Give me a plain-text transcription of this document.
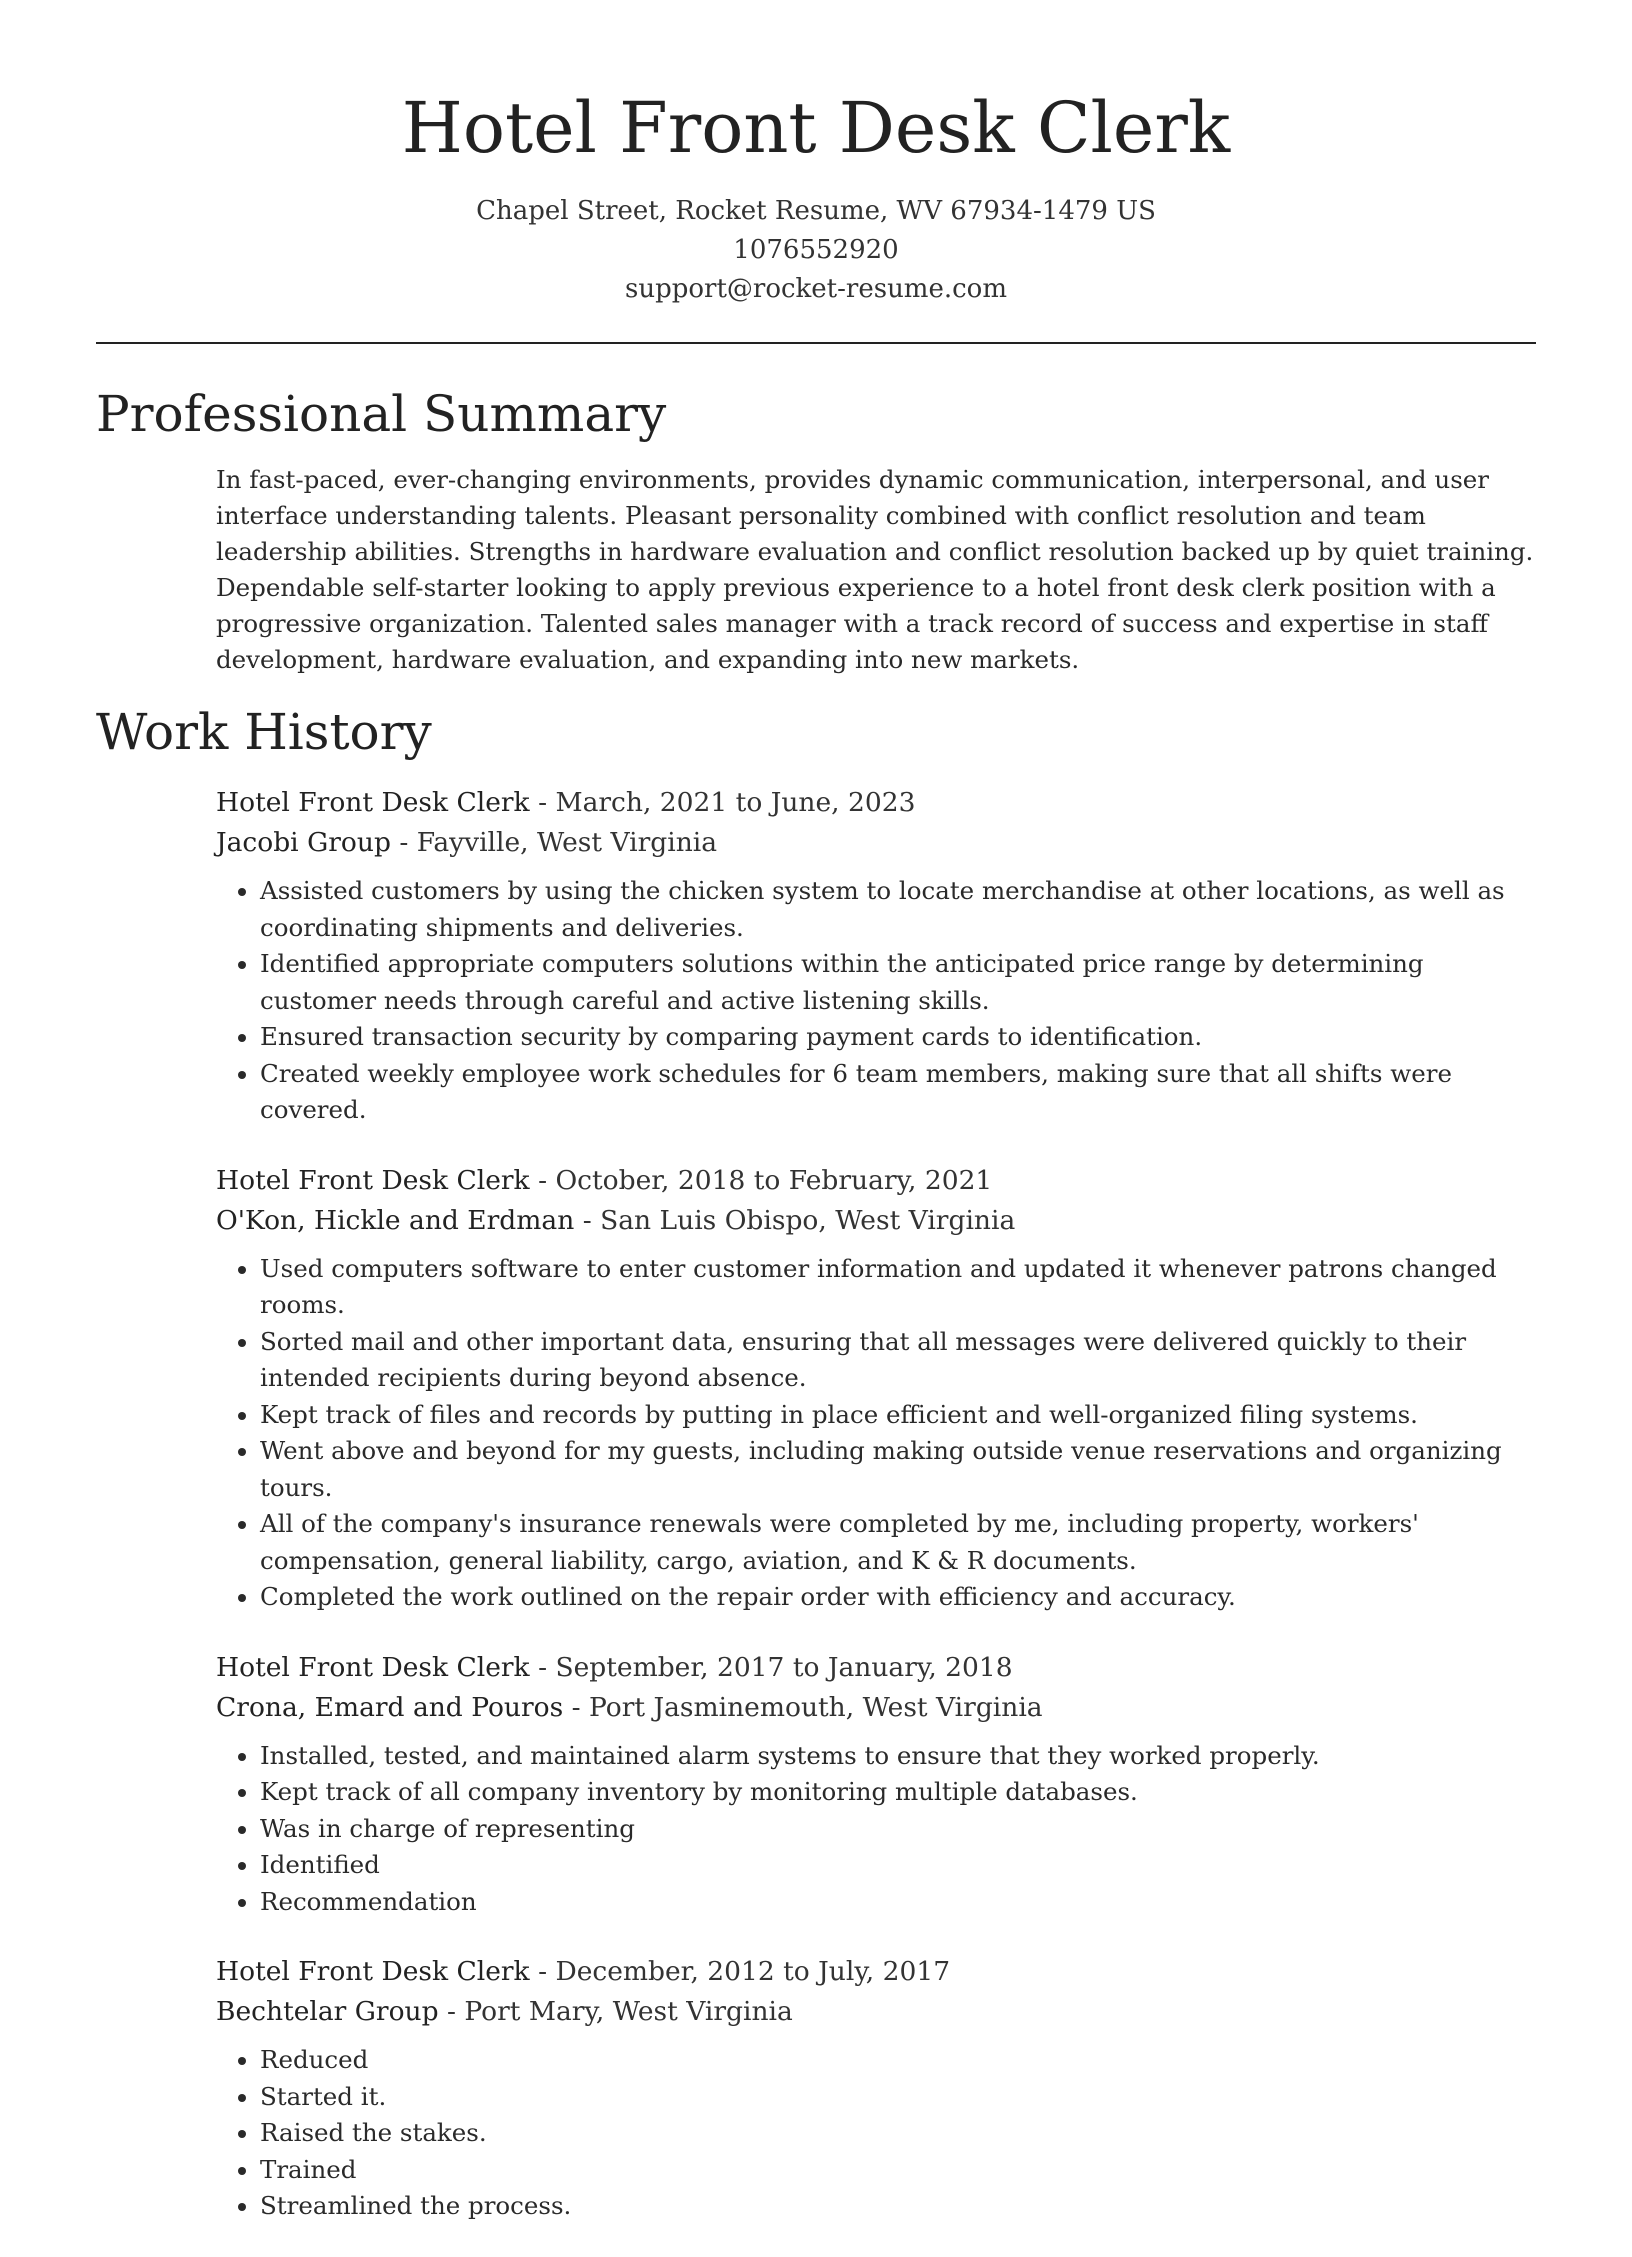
Hotel Front Desk Clerk
Chapel Street, Rocket Resume, WV 67934-1479 US
1076552920
support@rocket-resume.com
Professional Summary

In fast-paced, ever-changing environments, provides dynamic communication, interpersonal, and user interface understanding talents. Pleasant personality combined with conflict resolution and team leadership abilities. Strengths in hardware evaluation and conflict resolution backed up by quiet training. Dependable self-starter looking to apply previous experience to a hotel front desk clerk position with a progressive organization. Talented sales manager with a track record of success and expertise in staff development, hardware evaluation, and expanding into new markets.

Work History
Hotel Front Desk Clerk - March, 2021 to June, 2023
Jacobi Group - Fayville, West Virginia
• Assisted customers by using the chicken system to locate merchandise at other locations, as well as coordinating shipments and deliveries.
• Identified appropriate computers solutions within the anticipated price range by determining customer needs through careful and active listening skills.
• Ensured transaction security by comparing payment cards to identification.
• Created weekly employee work schedules for 6 team members, making sure that all shifts were covered.
Hotel Front Desk Clerk - October, 2018 to February, 2021
O'Kon, Hickle and Erdman - San Luis Obispo, West Virginia
• Used computers software to enter customer information and updated it whenever patrons changed rooms.
• Sorted mail and other important data, ensuring that all messages were delivered quickly to their intended recipients during beyond absence.
• Kept track of files and records by putting in place efficient and well-organized filing systems.
• Went above and beyond for my guests, including making outside venue reservations and organizing tours.
• All of the company's insurance renewals were completed by me, including property, workers' compensation, general liability, cargo, aviation, and K & R documents.
• Completed the work outlined on the repair order with efficiency and accuracy.
Hotel Front Desk Clerk - September, 2017 to January, 2018
Crona, Emard and Pouros - Port Jasminemouth, West Virginia
• Installed, tested, and maintained alarm systems to ensure that they worked properly.
• Kept track of all company inventory by monitoring multiple databases.
• Was in charge of representing
• Identified
• Recommendation
Hotel Front Desk Clerk - December, 2012 to July, 2017
Bechtelar Group - Port Mary, West Virginia
• Reduced
• Started it.
• Raised the stakes.
• Trained
• Streamlined the process.
